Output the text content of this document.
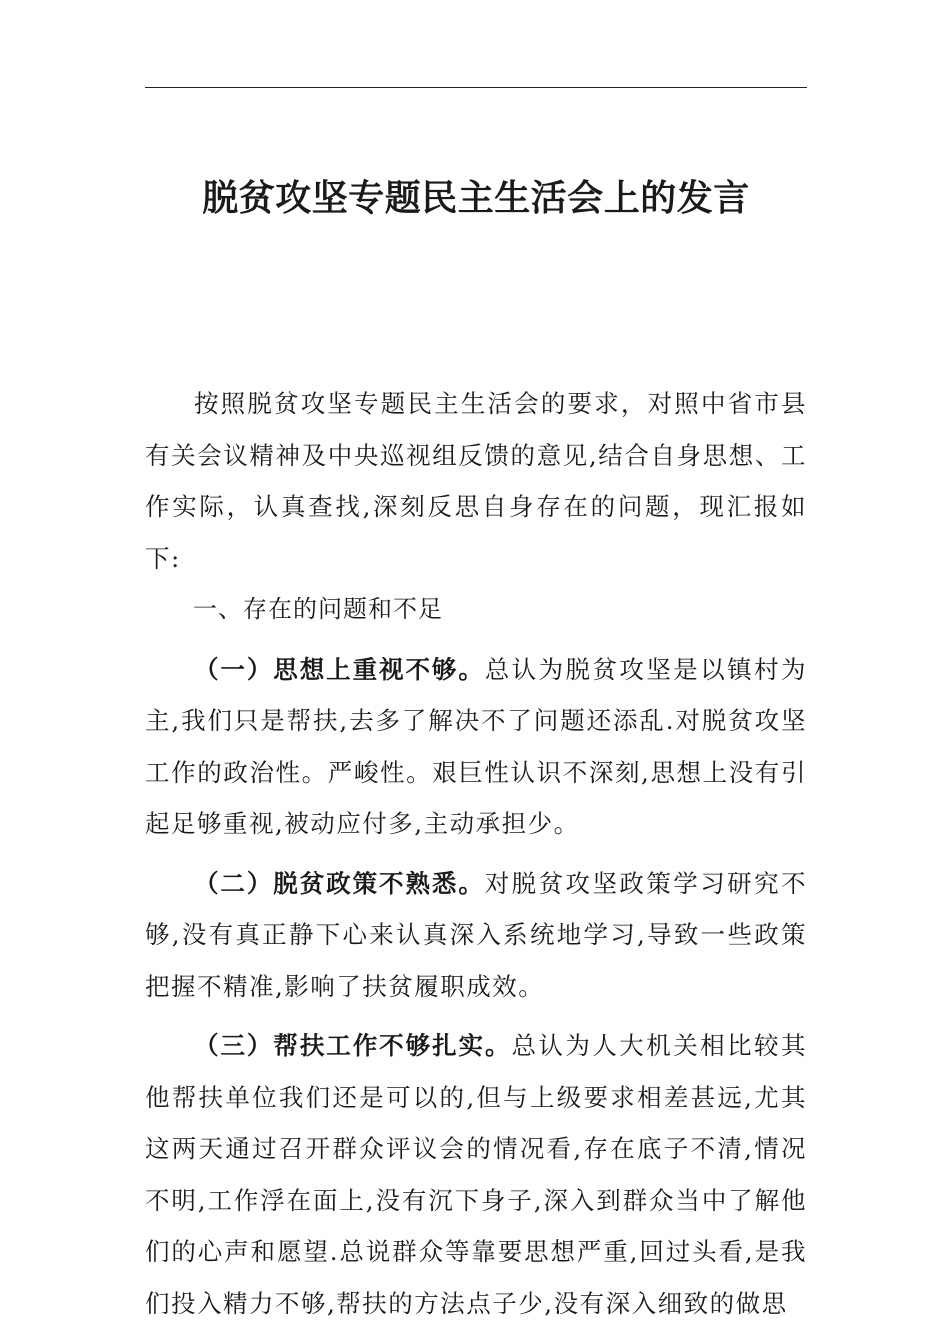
脱贫攻坚专题民主生活会上的发言

按照脱贫攻坚专题民主生活会的要求，对照中省市县有关会议精神及中央巡视组反馈的意见,结合自身思想、工作实际，认真查找,深刻反思自身存在的问题，现汇报如下:

一、存在的问题和不足

（一）思想上重视不够。总认为脱贫攻坚是以镇村为主,我们只是帮扶,去多了解决不了问题还添乱.对脱贫攻坚工作的政治性。严峻性。艰巨性认识不深刻,思想上没有引起足够重视,被动应付多,主动承担少。

（二）脱贫政策不熟悉。对脱贫攻坚政策学习研究不够,没有真正静下心来认真深入系统地学习,导致一些政策把握不精准,影响了扶贫履职成效。

（三）帮扶工作不够扎实。总认为人大机关相比较其他帮扶单位我们还是可以的,但与上级要求相差甚远,尤其这两天通过召开群众评议会的情况看,存在底子不清,情况不明,工作浮在面上,没有沉下身子,深入到群众当中了解他们的心声和愿望.总说群众等靠要思想严重,回过头看,是我们投入精力不够,帮扶的方法点子少,没有深入细致的做思
